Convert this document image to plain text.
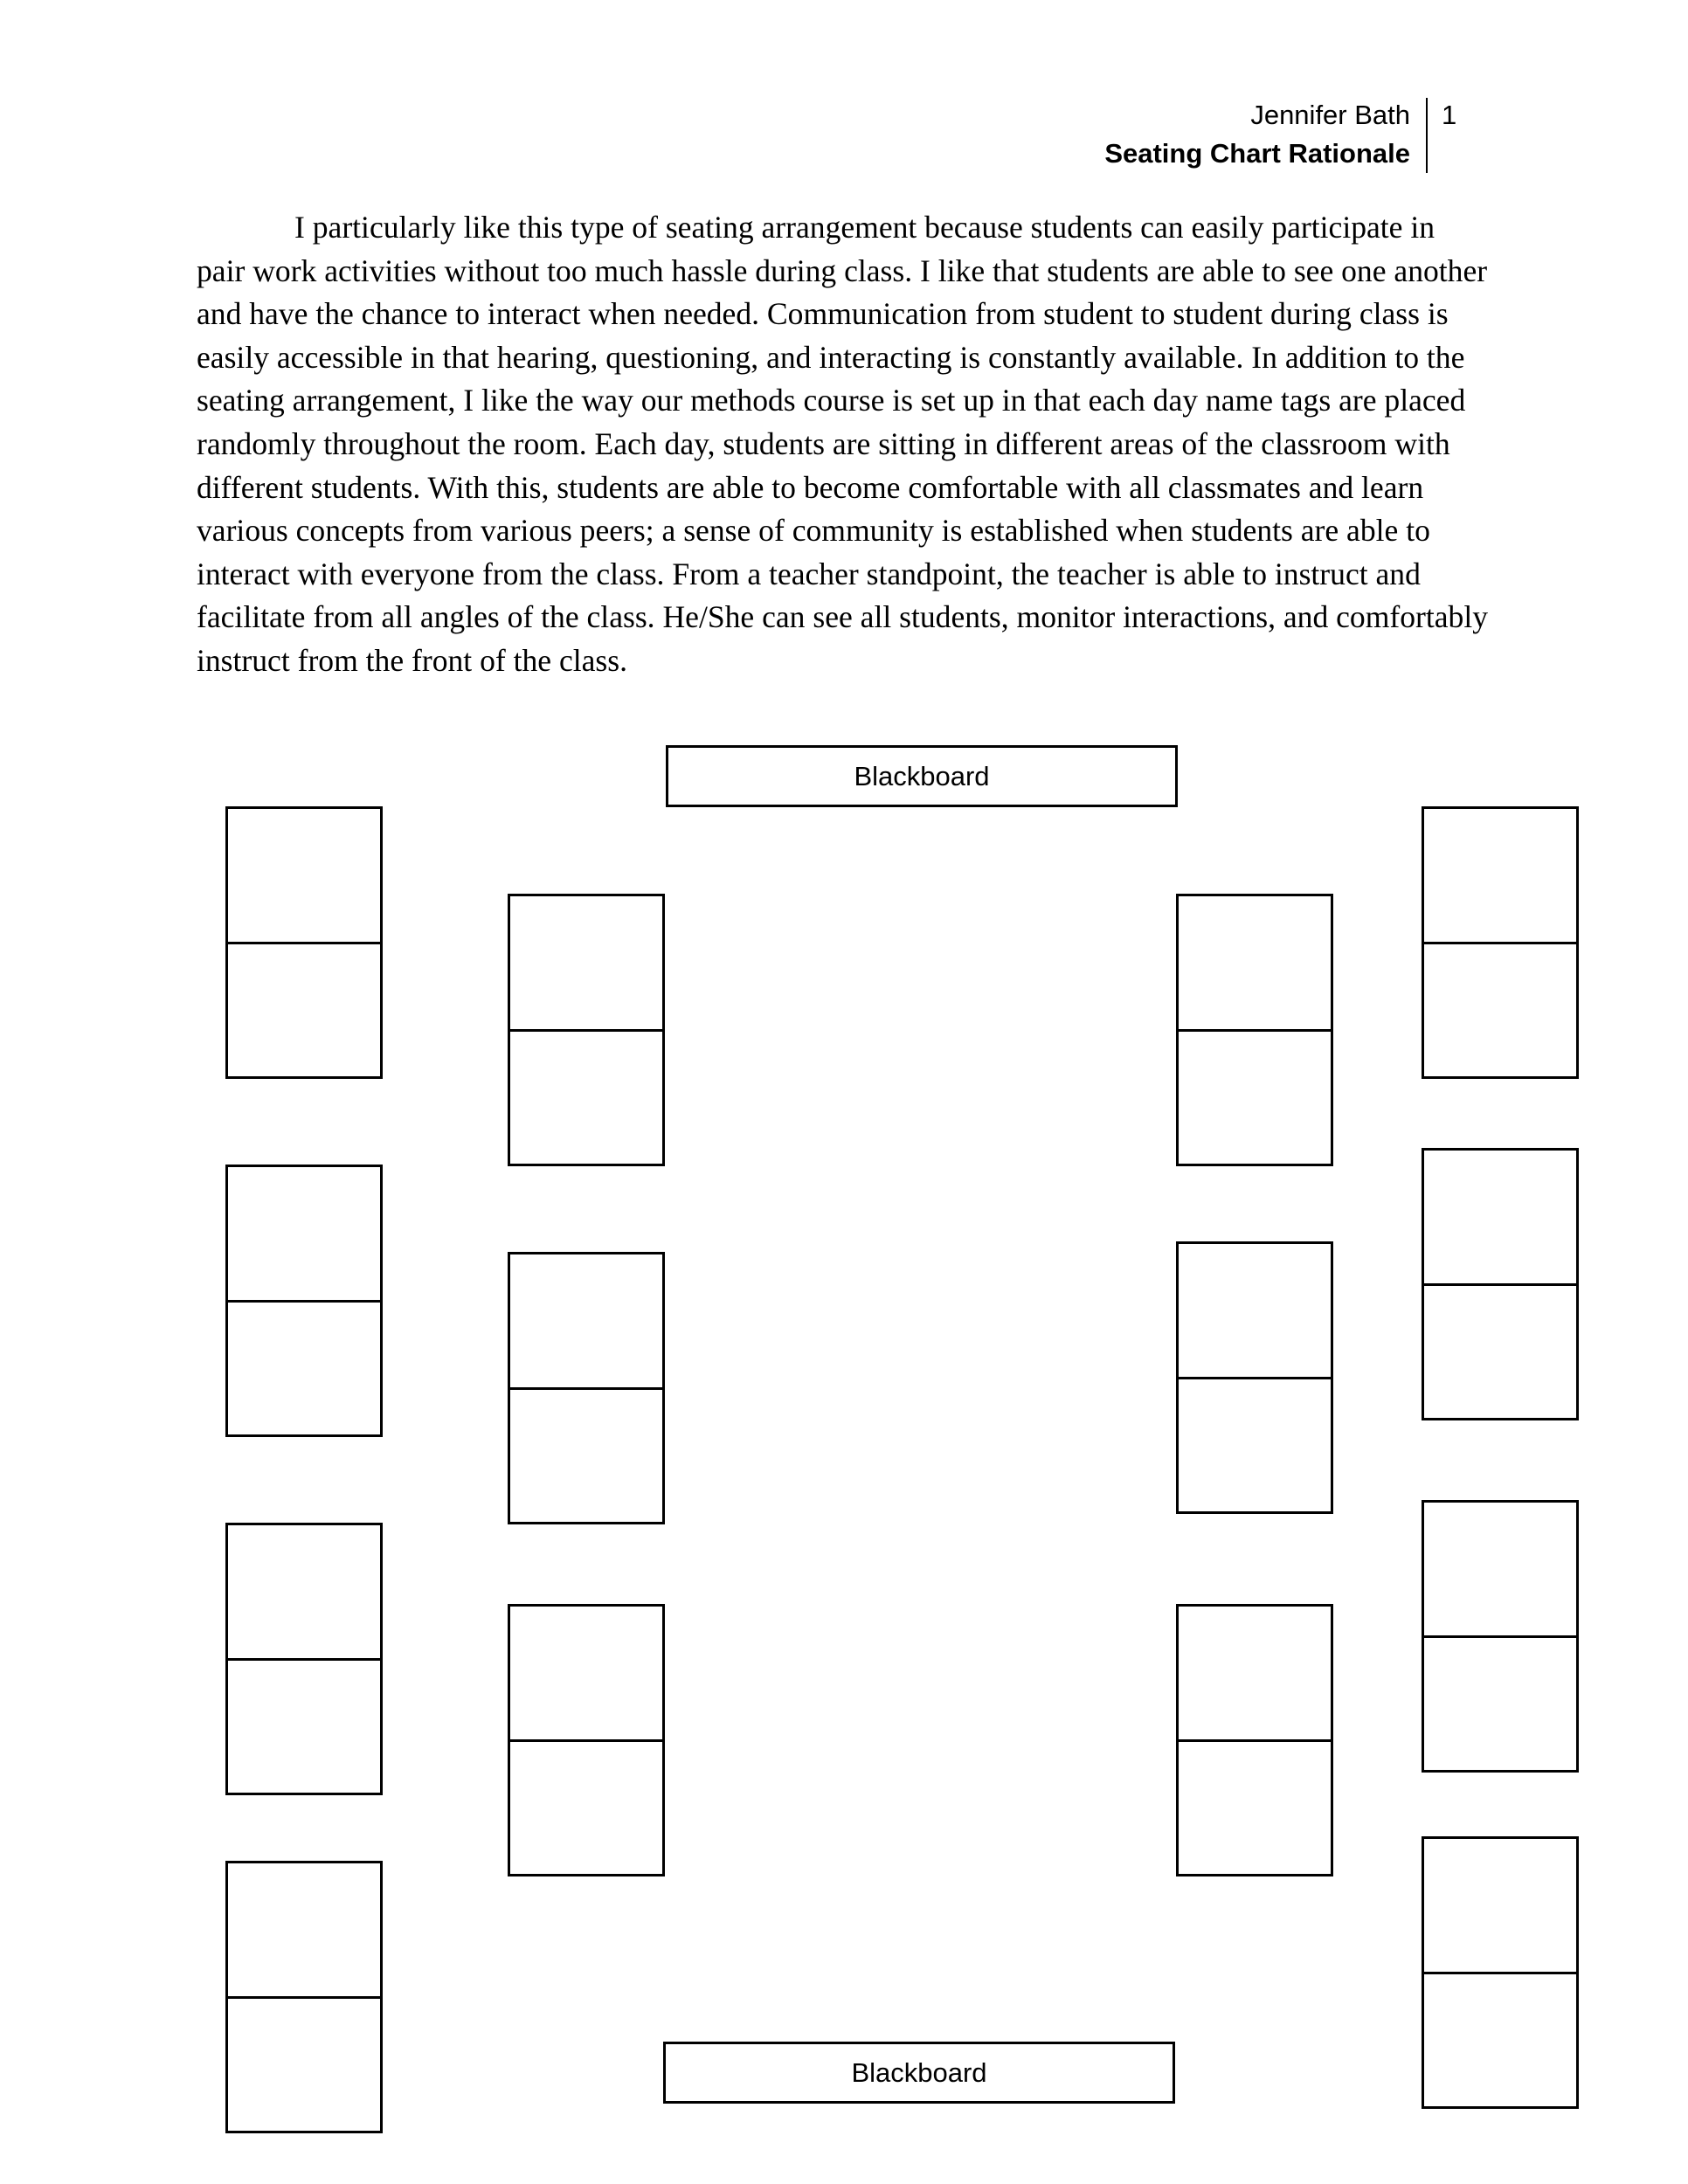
Jennifer Bath
Seating Chart Rationale
1

I particularly like this type of seating arrangement because students can easily participate in pair work activities without too much hassle during class. I like that students are able to see one another and have the chance to interact when needed. Communication from student to student during class is easily accessible in that hearing, questioning, and interacting is constantly available. In addition to the seating arrangement, I like the way our methods course is set up in that each day name tags are placed randomly throughout the room. Each day, students are sitting in different areas of the classroom with different students. With this, students are able to become comfortable with all classmates and learn various concepts from various peers; a sense of community is established when students are able to interact with everyone from the class. From a teacher standpoint, the teacher is able to instruct and facilitate from all angles of the class. He/She can see all students, monitor interactions, and comfortably instruct from the front of the class.

Blackboard
Blackboard
